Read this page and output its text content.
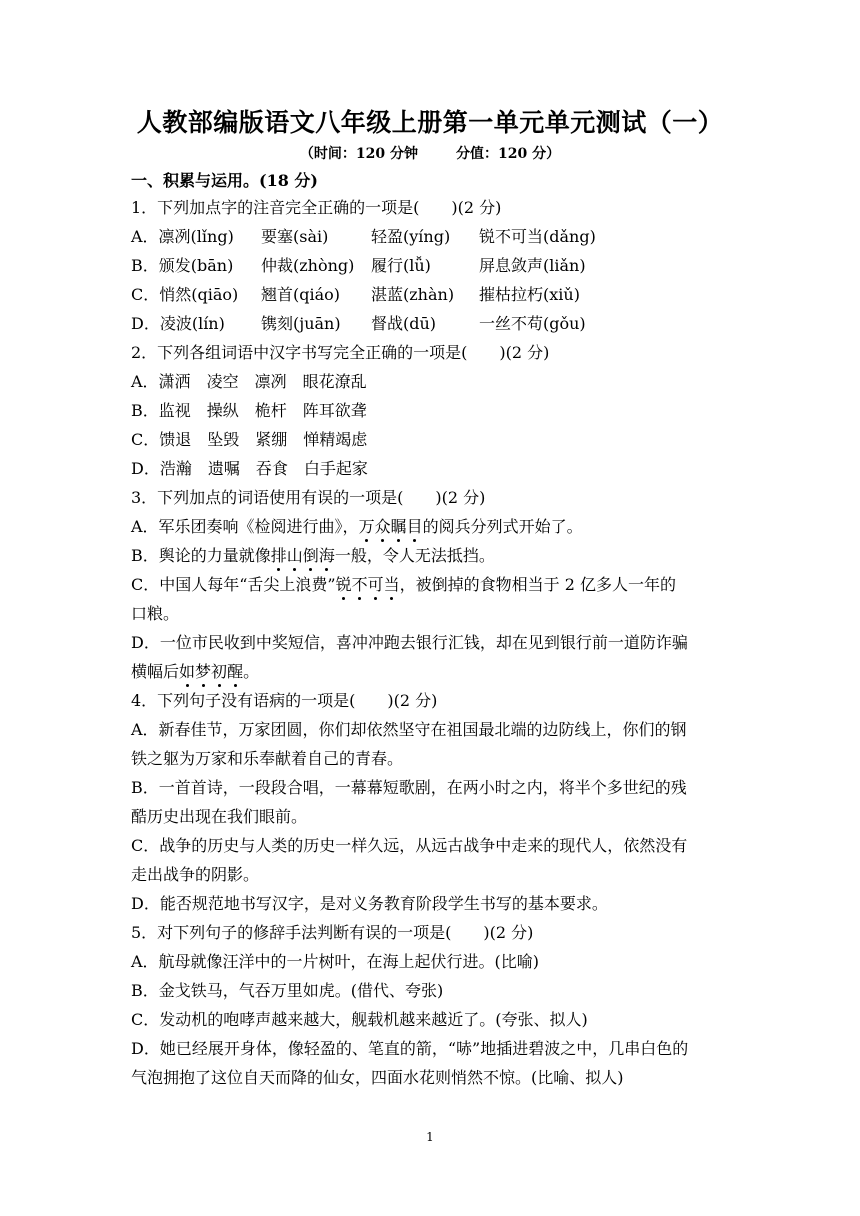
人教部编版语文八年级上册第一单元单元测试（一）
（时间：120 分钟	分值：120 分）
一、积累与运用。(18 分)
1．下列加点字的注音完全正确的一项是(　　)(2 分)
A．凛冽(lǐng) 要塞(sài)	轻盈(yíng) 锐不可当(dǎng)
B．颁发(bān) 仲裁(zhòng) 履行(lǚ)	屏息敛声(liǎn)
C．悄然(qiāo) 翘首(qiáo) 湛蓝(zhàn) 摧枯拉朽(xiǔ)
D．凌波(lín) 镌刻(juān) 督战(dū)	一丝不苟(gǒu)
2．下列各组词语中汉字书写完全正确的一项是(　　)(2 分)
A．潇洒 凌空 凛冽 眼花潦乱
B．监视 操纵 桅杆 阵耳欲聋
C．馈退 坠毁 紧绷 惮精竭虑
D．浩瀚 遗嘱 吞食 白手起家
3．下列加点的词语使用有误的一项是(　　)(2 分)
A．军乐团奏响《检阅进行曲》，万众瞩目的阅兵分列式开始了。
B．舆论的力量就像排山倒海一般，令人无法抵挡。
C．中国人每年“舌尖上浪费”锐不可当，被倒掉的食物相当于 2 亿多人一年的
口粮。
D．一位市民收到中奖短信，喜冲冲跑去银行汇钱，却在见到银行前一道防诈骗
横幅后如梦初醒。
4．下列句子没有语病的一项是(　　)(2 分)
A．新春佳节，万家团圆，你们却依然坚守在祖国最北端的边防线上，你们的钢
铁之躯为万家和乐奉献着自己的青春。
B．一首首诗，一段段合唱，一幕幕短歌剧，在两小时之内，将半个多世纪的残
酷历史出现在我们眼前。
C．战争的历史与人类的历史一样久远，从远古战争中走来的现代人，依然没有
走出战争的阴影。
D．能否规范地书写汉字，是对义务教育阶段学生书写的基本要求。
5．对下列句子的修辞手法判断有误的一项是(　　)(2 分)
A．航母就像汪洋中的一片树叶，在海上起伏行进。(比喻)
B．金戈铁马，气吞万里如虎。(借代、夸张)
C．发动机的咆哮声越来越大，舰载机越来越近了。(夸张、拟人)
D．她已经展开身体，像轻盈的、笔直的箭，“哧”地插进碧波之中，几串白色的
气泡拥抱了这位自天而降的仙女，四面水花则悄然不惊。(比喻、拟人)
1
